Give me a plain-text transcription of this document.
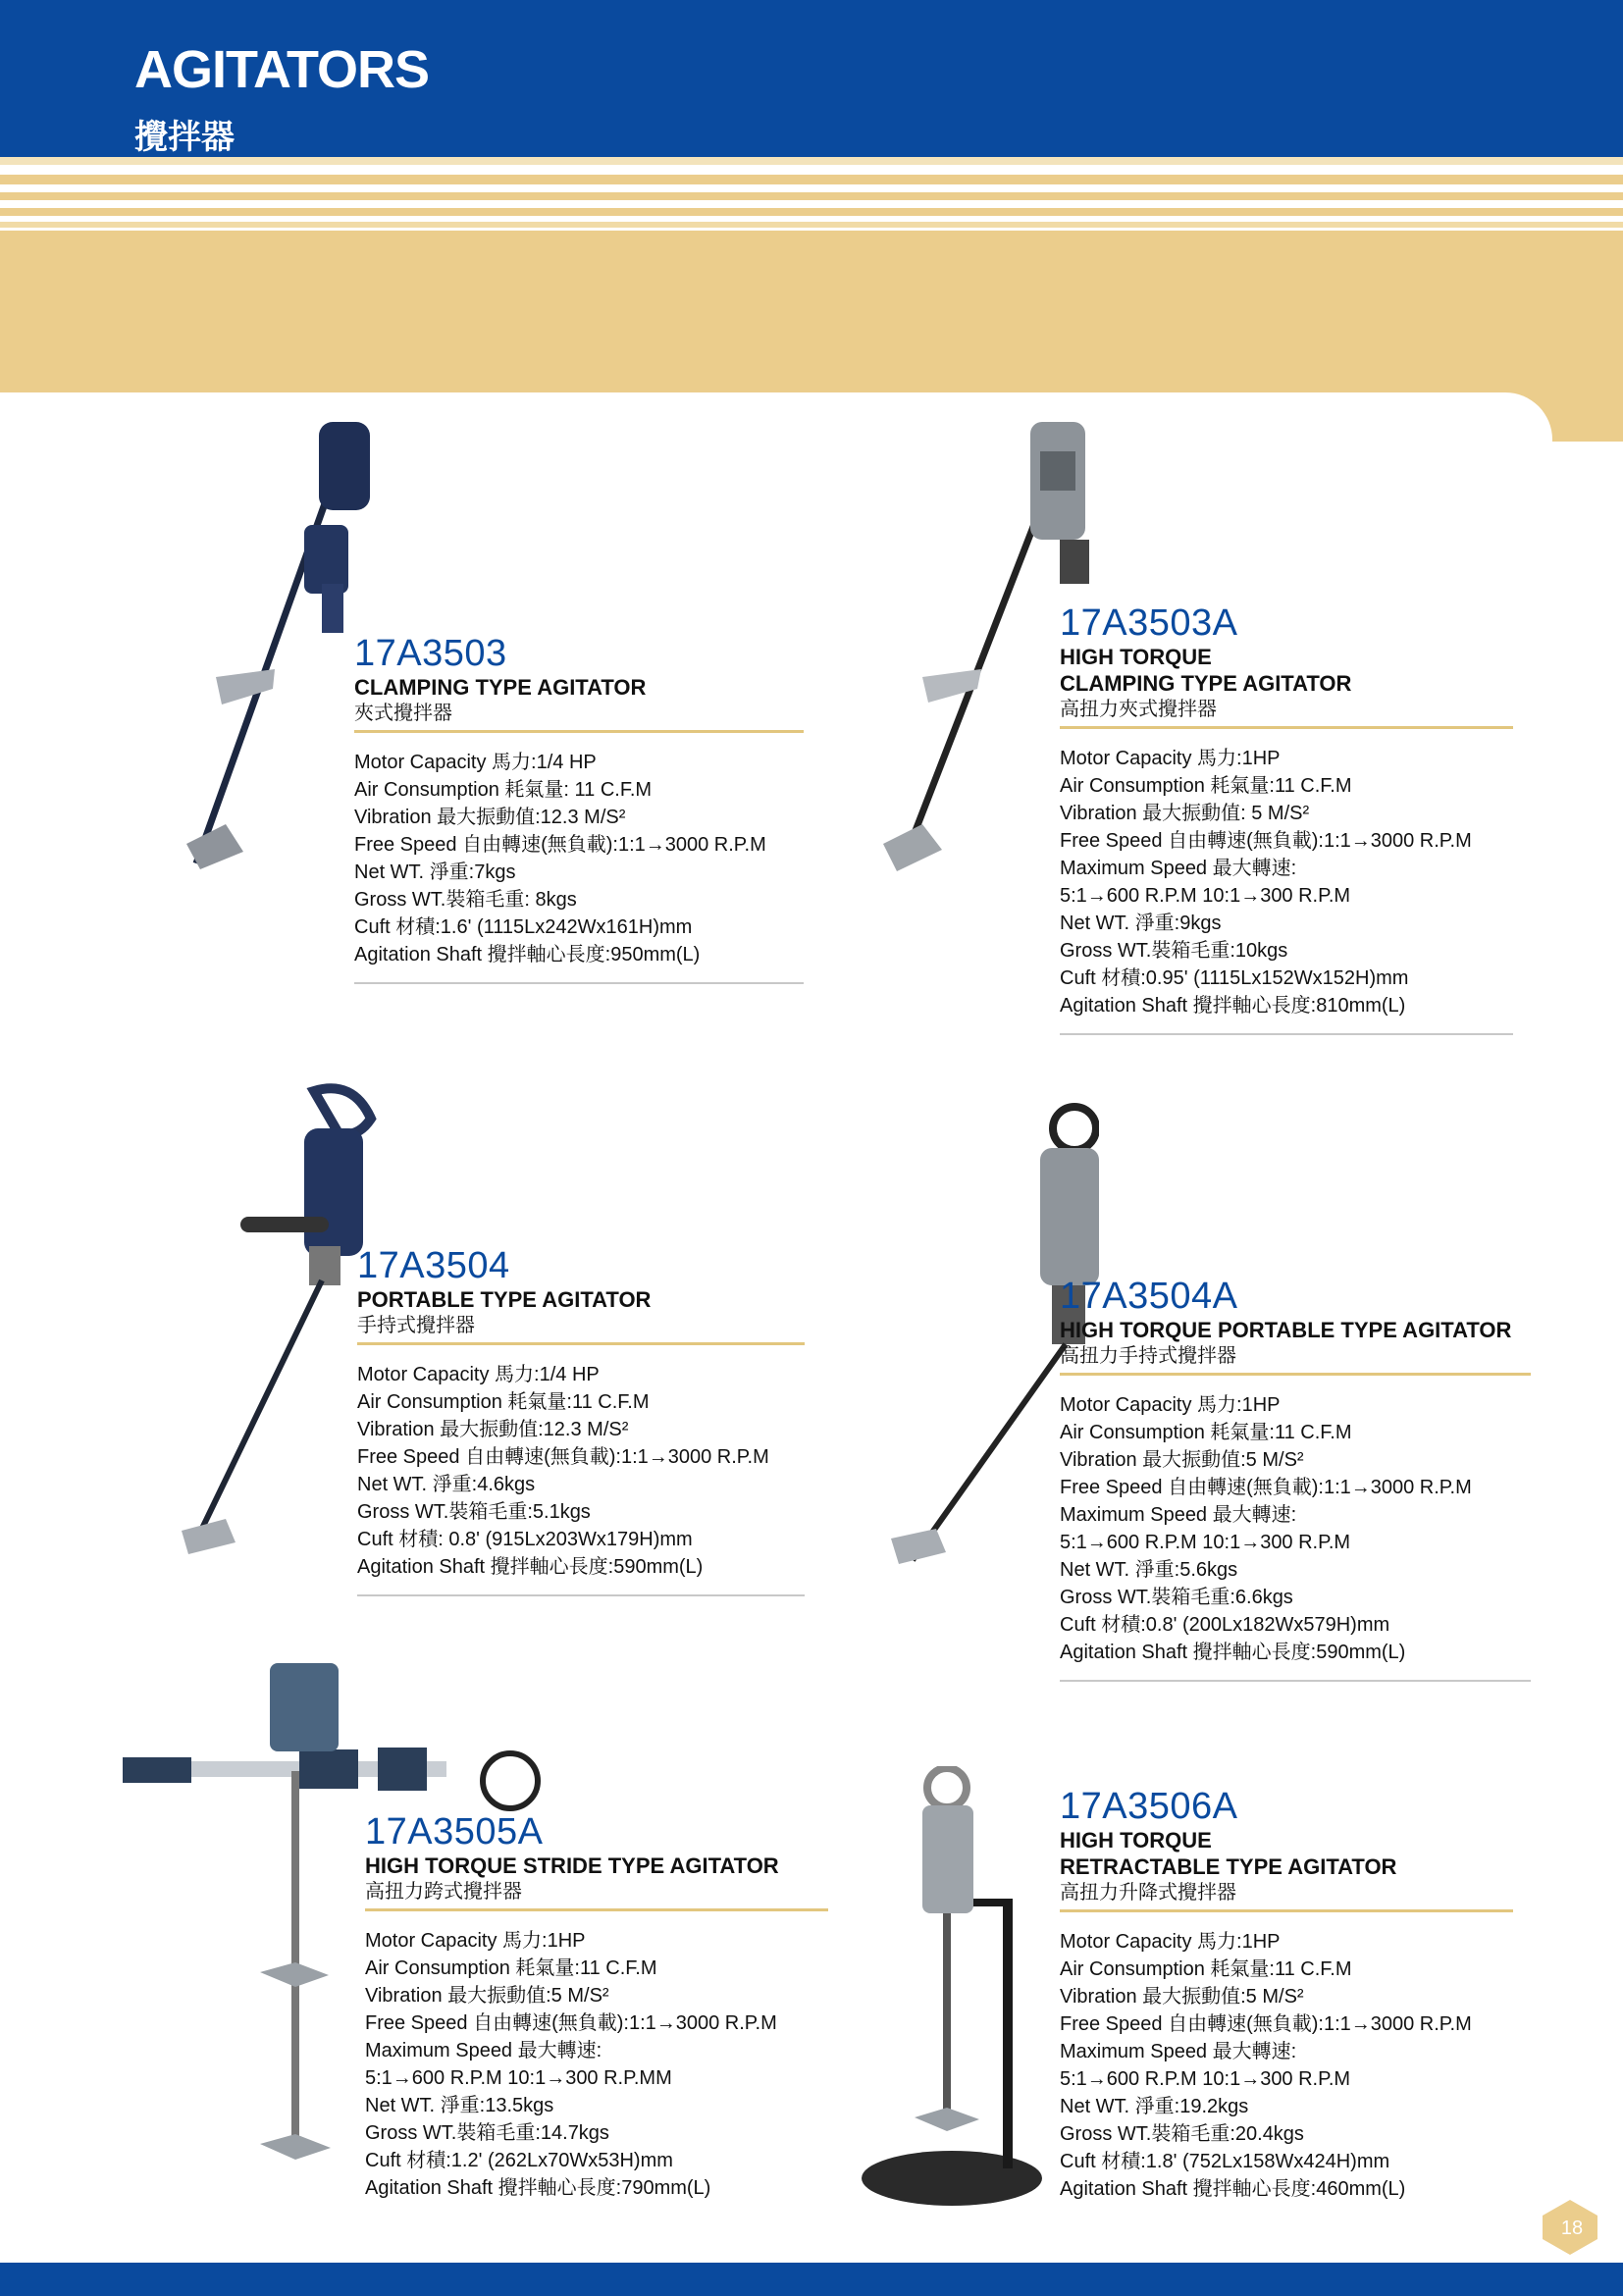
AGITATORS
攪拌器
17A3503
CLAMPING TYPE AGITATOR
夾式攪拌器
Motor Capacity 馬力:1/4 HP
Air Consumption 耗氣量: 11 C.F.M
Vibration 最大振動值:12.3 M/S²
Free Speed 自由轉速(無負載):1:1→3000 R.P.M
Net WT. 淨重:7kgs
Gross WT.裝箱毛重: 8kgs
Cuft 材積:1.6' (1115Lx242Wx161H)mm
Agitation Shaft 攪拌軸心長度:950mm(L)
17A3503A
HIGH TORQUE
CLAMPING TYPE AGITATOR
高扭力夾式攪拌器
Motor Capacity 馬力:1HP
Air Consumption 耗氣量:11 C.F.M
Vibration 最大振動值: 5 M/S²
Free Speed 自由轉速(無負載):1:1→3000 R.P.M
Maximum Speed 最大轉速:
5:1→600 R.P.M 10:1→300 R.P.M
Net WT. 淨重:9kgs
Gross WT.裝箱毛重:10kgs
Cuft 材積:0.95' (1115Lx152Wx152H)mm
Agitation Shaft 攪拌軸心長度:810mm(L)
17A3504
PORTABLE TYPE AGITATOR
手持式攪拌器
Motor Capacity 馬力:1/4 HP
Air Consumption 耗氣量:11 C.F.M
Vibration 最大振動值:12.3 M/S²
Free Speed 自由轉速(無負載):1:1→3000 R.P.M
Net WT. 淨重:4.6kgs
Gross WT.裝箱毛重:5.1kgs
Cuft 材積: 0.8' (915Lx203Wx179H)mm
Agitation Shaft 攪拌軸心長度:590mm(L)
17A3504A
HIGH TORQUE PORTABLE TYPE AGITATOR
高扭力手持式攪拌器
Motor Capacity 馬力:1HP
Air Consumption 耗氣量:11 C.F.M
Vibration 最大振動值:5 M/S²
Free Speed 自由轉速(無負載):1:1→3000 R.P.M
Maximum Speed 最大轉速:
5:1→600 R.P.M 10:1→300 R.P.M
Net WT. 淨重:5.6kgs
Gross WT.裝箱毛重:6.6kgs
Cuft 材積:0.8' (200Lx182Wx579H)mm
Agitation Shaft 攪拌軸心長度:590mm(L)
17A3505A
HIGH TORQUE STRIDE TYPE AGITATOR
高扭力跨式攪拌器
Motor Capacity 馬力:1HP
Air Consumption 耗氣量:11 C.F.M
Vibration 最大振動值:5 M/S²
Free Speed 自由轉速(無負載):1:1→3000 R.P.M
Maximum Speed 最大轉速:
5:1→600 R.P.M 10:1→300 R.P.MM
Net WT. 淨重:13.5kgs
Gross WT.裝箱毛重:14.7kgs
Cuft 材積:1.2' (262Lx70Wx53H)mm
Agitation Shaft 攪拌軸心長度:790mm(L)
17A3506A
HIGH TORQUE
RETRACTABLE TYPE AGITATOR
高扭力升降式攪拌器
Motor Capacity 馬力:1HP
Air Consumption 耗氣量:11 C.F.M
Vibration 最大振動值:5 M/S²
Free Speed 自由轉速(無負載):1:1→3000 R.P.M
Maximum Speed 最大轉速:
5:1→600 R.P.M 10:1→300 R.P.M
Net WT. 淨重:19.2kgs
Gross WT.裝箱毛重:20.4kgs
Cuft 材積:1.8' (752Lx158Wx424H)mm
Agitation Shaft 攪拌軸心長度:460mm(L)
18
